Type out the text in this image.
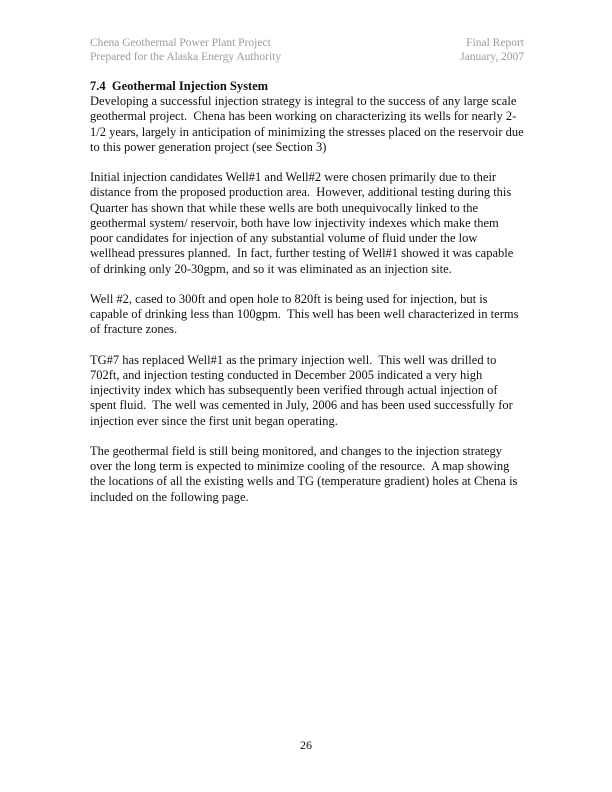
Chena Geothermal Power Plant Project
Prepared for the Alaska Energy Authority
Final Report
January, 2007
7.4  Geothermal Injection System

Developing a successful injection strategy is integral to the success of any large scale geothermal project.  Chena has been working on characterizing its wells for nearly 2-1/2 years, largely in anticipation of minimizing the stresses placed on the reservoir due to this power generation project (see Section 3)

Initial injection candidates Well#1 and Well#2 were chosen primarily due to their distance from the proposed production area.  However, additional testing during this Quarter has shown that while these wells are both unequivocally linked to the geothermal system/ reservoir, both have low injectivity indexes which make them poor candidates for injection of any substantial volume of fluid under the low wellhead pressures planned.  In fact, further testing of Well#1 showed it was capable of drinking only 20-30gpm, and so it was eliminated as an injection site.

Well #2, cased to 300ft and open hole to 820ft is being used for injection, but is capable of drinking less than 100gpm.  This well has been well characterized in terms of fracture zones.

TG#7 has replaced Well#1 as the primary injection well.  This well was drilled to 702ft, and injection testing conducted in December 2005 indicated a very high injectivity index which has subsequently been verified through actual injection of spent fluid.  The well was cemented in July, 2006 and has been used successfully for injection ever since the first unit began operating.

The geothermal field is still being monitored, and changes to the injection strategy over the long term is expected to minimize cooling of the resource.  A map showing the locations of all the existing wells and TG (temperature gradient) holes at Chena is included on the following page.

26
